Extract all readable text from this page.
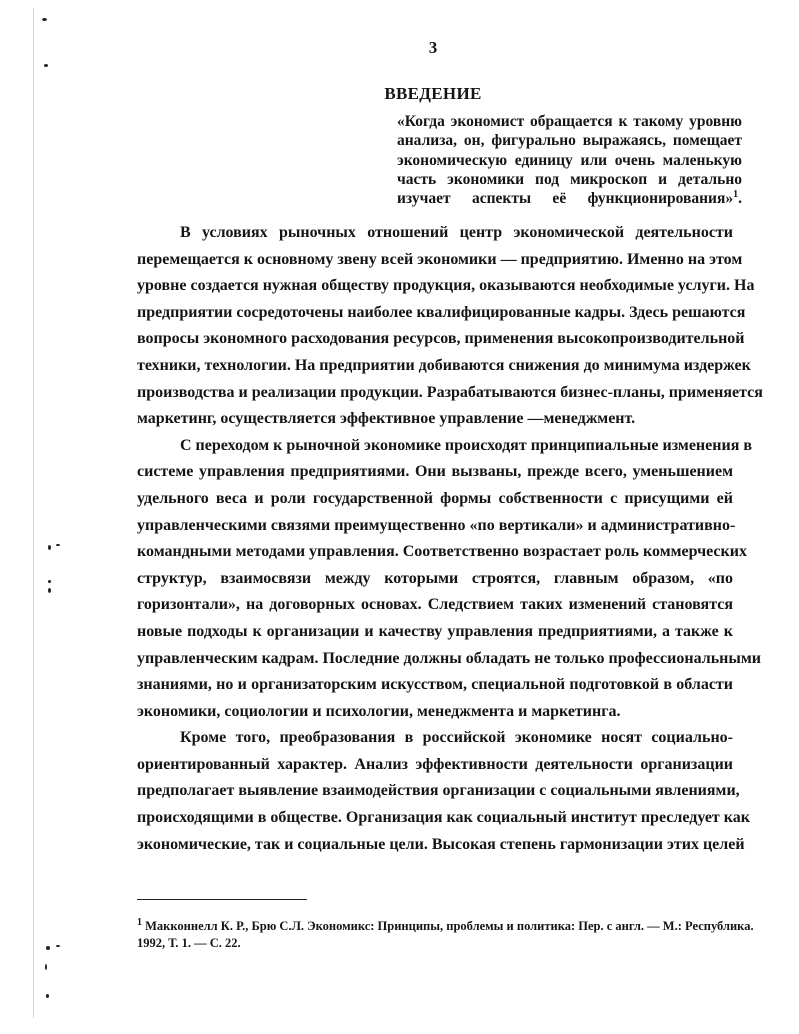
3
ВВЕДЕНИЕ
«Когда экономист обращается к такому уровню
анализа, он, фигурально выражаясь, помещает
экономическую единицу или очень маленькую
часть экономики под микроскоп и детально
изучает аспекты её функционирования»$^1$.
В условиях рыночных отношений центр экономической деятельности
перемещается к основному звену всей экономики — предприятию. Именно на этом
уровне создается нужная обществу продукция, оказываются необходимые услуги. На
предприятии сосредоточены наиболее квалифицированные кадры. Здесь решаются
вопросы экономного расходования ресурсов, применения высокопроизводительной
техники, технологии. На предприятии добиваются снижения до минимума издержек
производства и реализации продукции. Разрабатываются бизнес-планы, применяется
маркетинг, осуществляется эффективное управление —менеджмент.
С переходом к рыночной экономике происходят принципиальные изменения в
системе управления предприятиями. Они вызваны, прежде всего, уменьшением
удельного веса и роли государственной формы собственности с присущими ей
управленческими связями преимущественно «по вертикали» и административно-
командными методами управления. Соответственно возрастает роль коммерческих
структур, взаимосвязи между которыми строятся, главным образом, «по
горизонтали», на договорных основах. Следствием таких изменений становятся
новые подходы к организации и качеству управления предприятиями, а также к
управленческим кадрам. Последние должны обладать не только профессиональными
знаниями, но и организаторским искусством, специальной подготовкой в области
экономики, социологии и психологии, менеджмента и маркетинга.
Кроме того, преобразования в российской экономике носят социально-
ориентированный характер. Анализ эффективности деятельности организации
предполагает выявление взаимодействия организации с социальными явлениями,
происходящими в обществе. Организация как социальный институт преследует как
экономические, так и социальные цели. Высокая степень гармонизации этих целей
$^1$ Макконнелл К. Р., Брю С.Л. Экономикс: Принципы, проблемы и политика: Пер. с англ. — М.: Республика.
1992, Т. 1. — С. 22.
